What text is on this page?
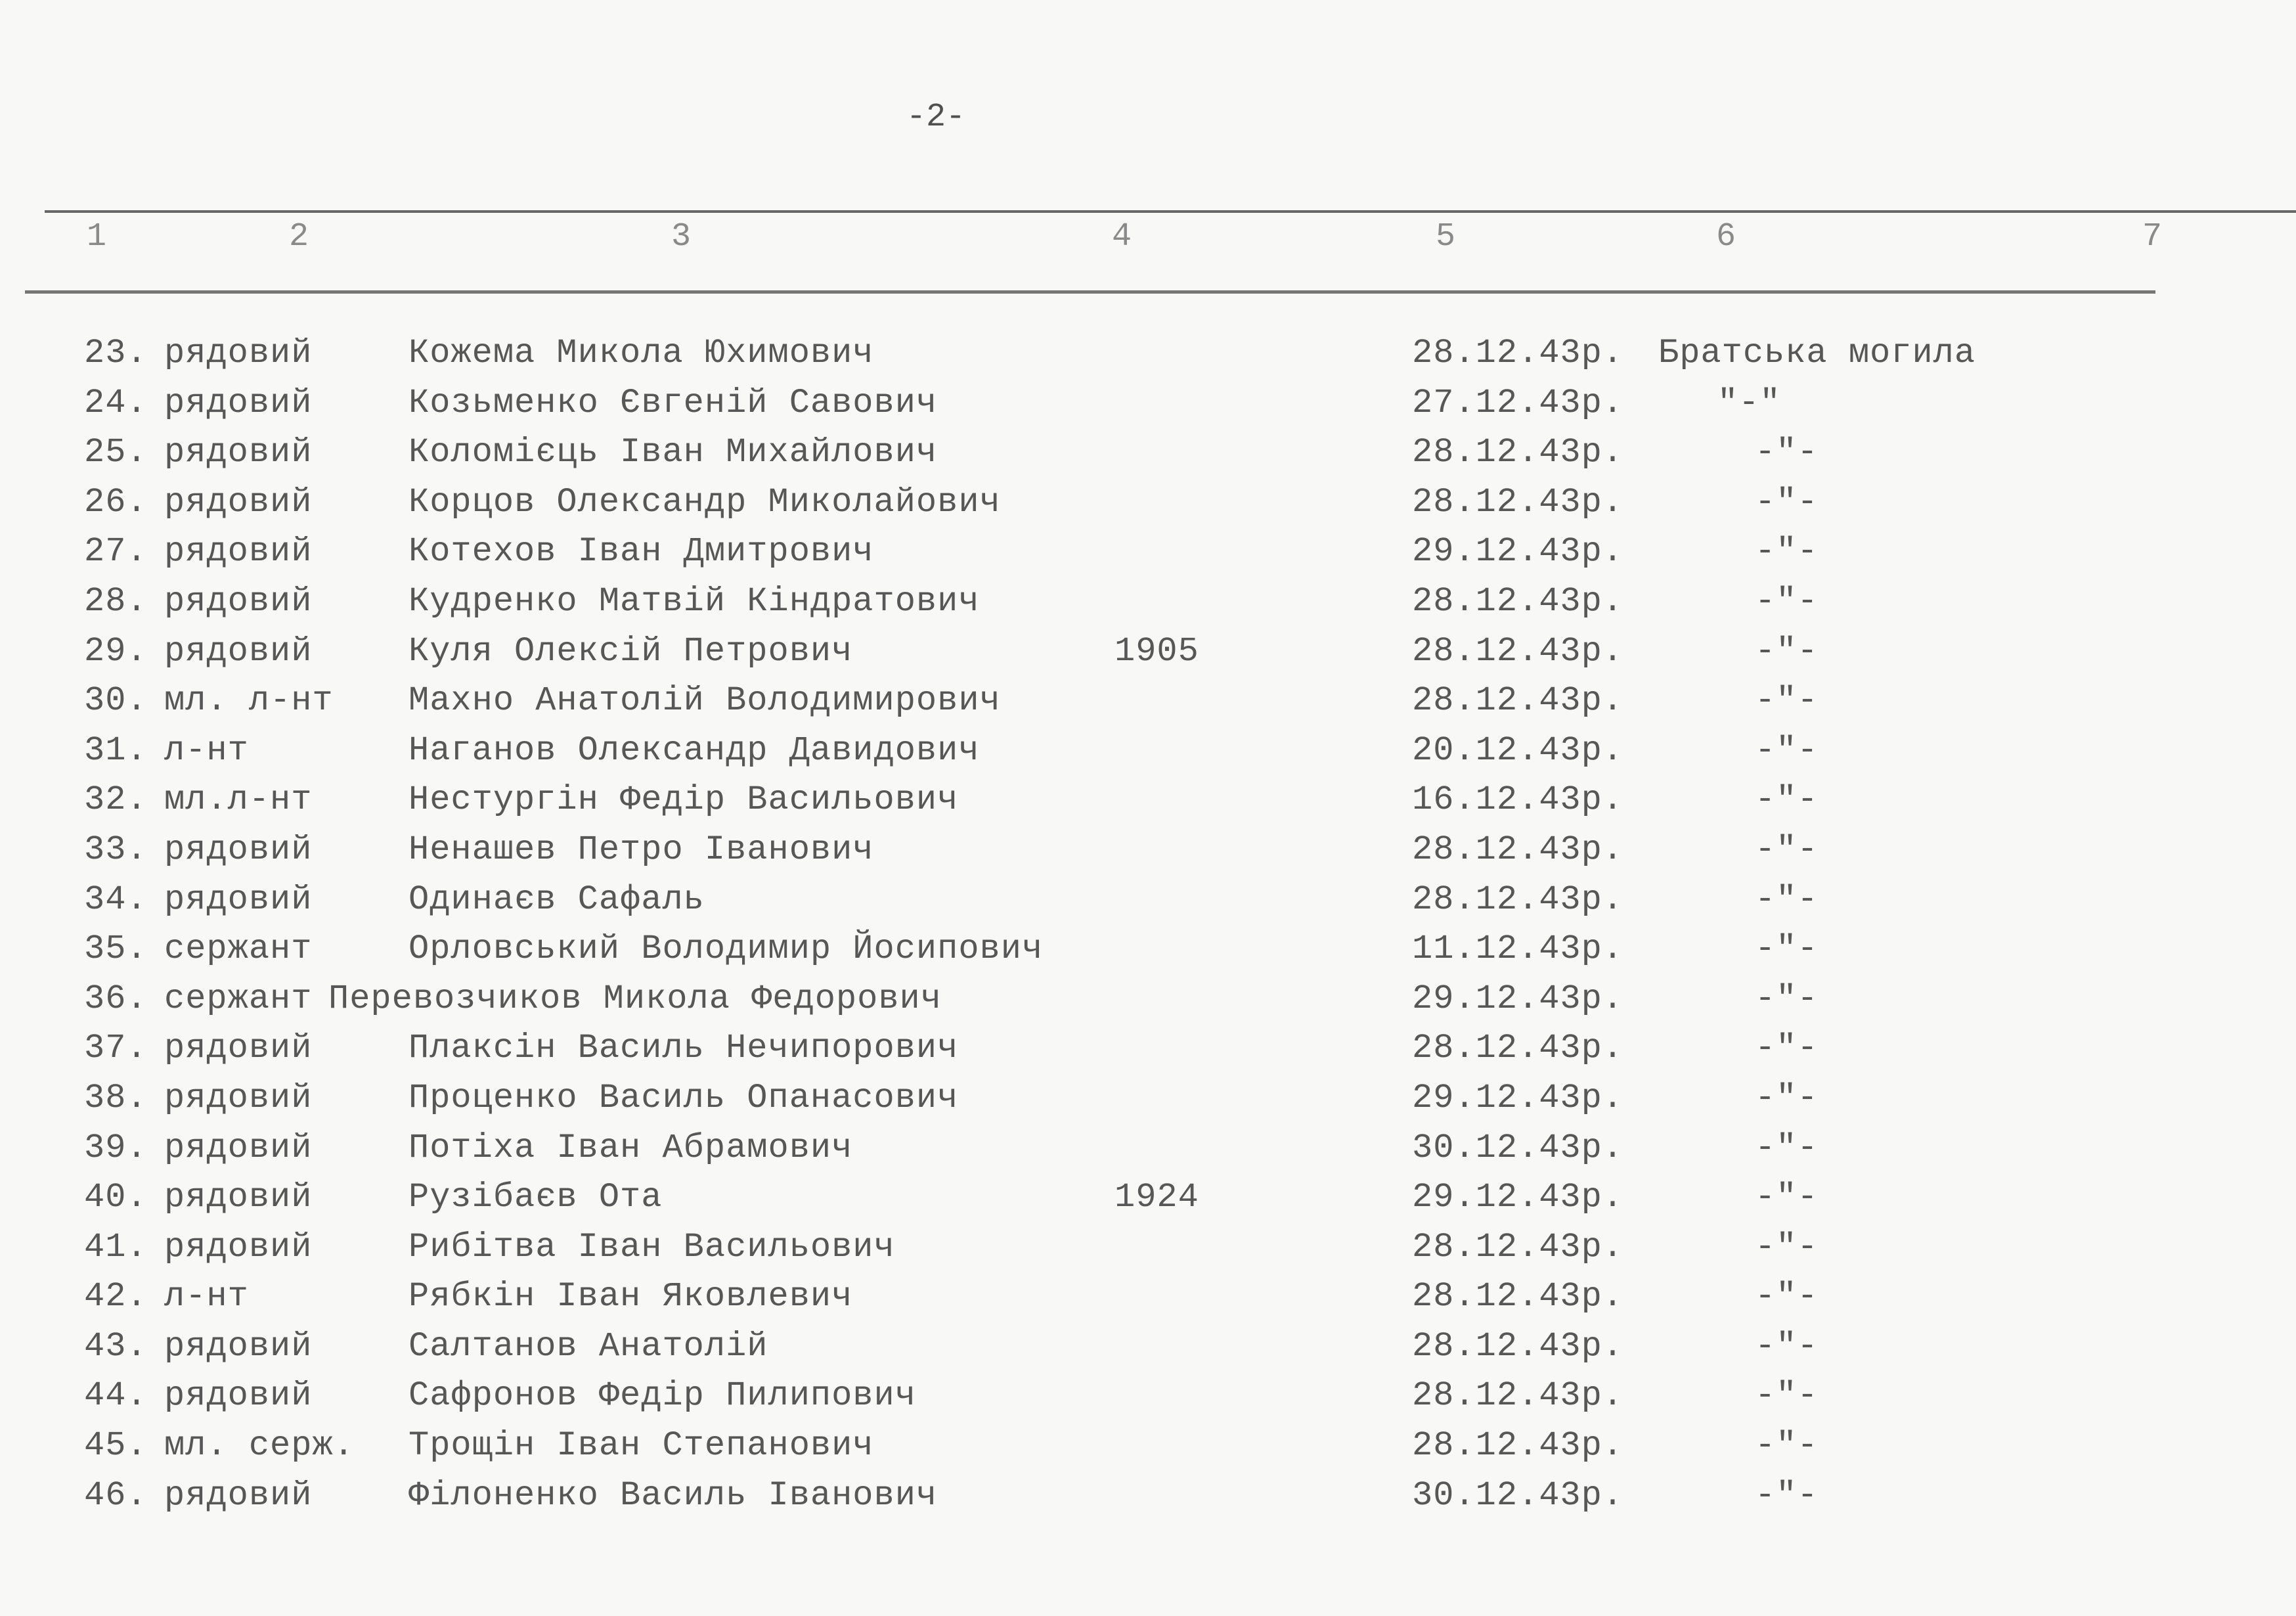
-2-
1	2	3	4	5	6	7
23. рядовий	Кожема Микола Юхимович	28.12.43р. Братська могила
24. рядовий	Козьменко Євгеній Савович	27.12.43р.	"-"
25. рядовий	Коломієць Іван Михайлович	28.12.43р.	-"-
26. рядовий	Корцов Олександр Миколайович	28.12.43р.	-"-
27. рядовий	Котехов Іван Дмитрович	29.12.43р.	-"-
28. рядовий	Кудренко Матвій Кіндратович	28.12.43р.	-"-
29. рядовий	Куля Олексій Петрович	1905	28.12.43р.	-"-
30. мл. л-нт Махно Анатолій Володимирович	28.12.43р.	-"-
31. л-нт	Наганов Олександр Давидович	20.12.43р.	-"-
32. мл.л-нт	Нестургін Федір Васильович	16.12.43р.	-"-
33. рядовий	Ненашев Петро Іванович	28.12.43р.	-"-
34. рядовий	Одинаєв Сафаль	28.12.43р.	-"-
35. сержант	Орловський Володимир Йосипович	11.12.43р.	-"-
36. сержант Перевозчиков Микола Федорович	29.12.43р.	-"-
37. рядовий	Плаксін Василь Нечипорович	28.12.43р.	-"-
38. рядовий	Проценко Василь Опанасович	29.12.43р.	-"-
39. рядовий	Потіха Іван Абрамович	30.12.43р.	-"-
40. рядовий	Рузібаєв Ота	1924	29.12.43р.	-"-
41. рядовий	Рибітва Іван Васильович	28.12.43р.	-"-
42. л-нт	Рябкін Іван Яковлевич	28.12.43р.	-"-
43. рядовий	Салтанов Анатолій	28.12.43р.	-"-
44. рядовий	Сафронов Федір Пилипович	28.12.43р.	-"-
45. мл. серж. Трощін Іван Степанович	28.12.43р.	-"-
46. рядовий	Філоненко Василь Іванович	30.12.43р.	-"-
